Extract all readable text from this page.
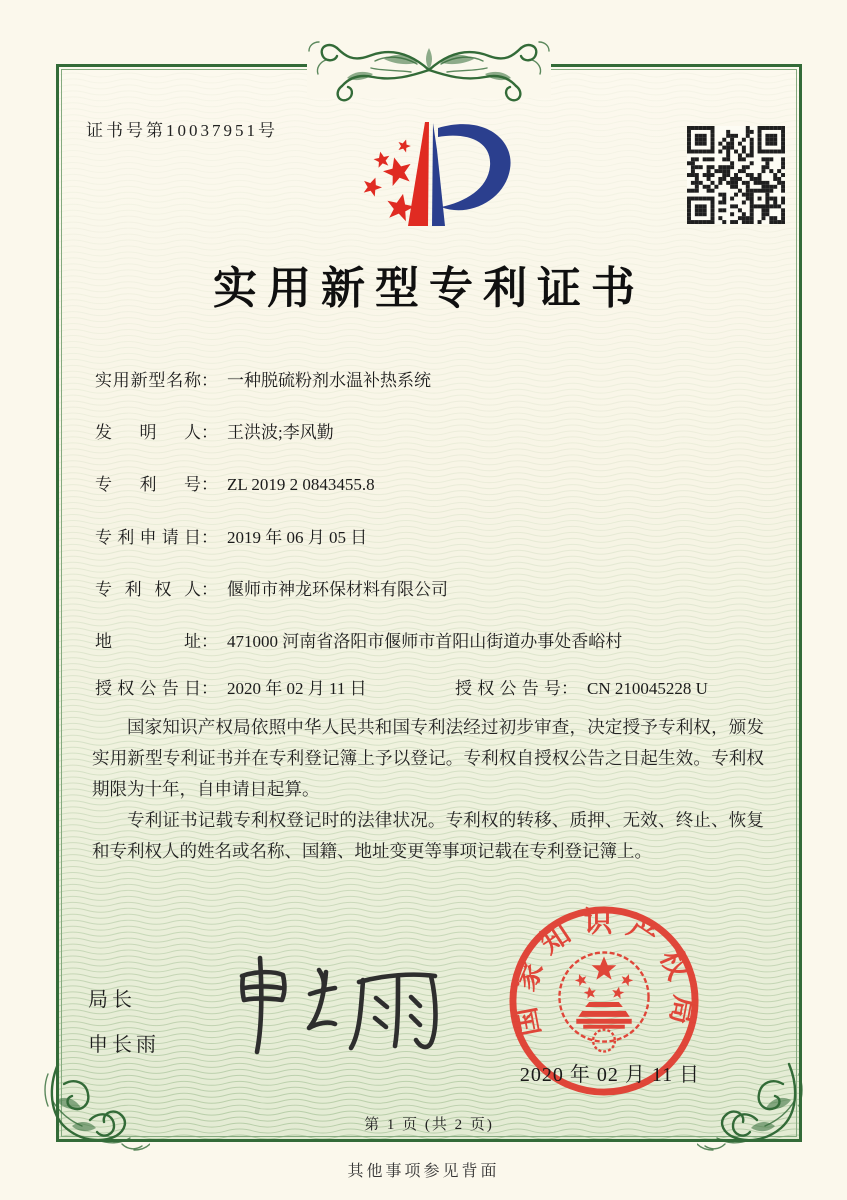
证书号第10037951号
实用新型专利证书
实用新型名称： 一种脱硫粉剂水温补热系统
发明人： 王洪波;李风勤
专利号： ZL 2019 2 0843455.8
专利申请日： 2019 年 06 月 05 日
专利权人： 偃师市神龙环保材料有限公司
地址： 471000 河南省洛阳市偃师市首阳山街道办事处香峪村
授权公告日： 2020 年 02 月 11 日	授权公告号： CN 210045228 U

国家知识产权局依照中华人民共和国专利法经过初步审查，决定授予专利权，颁发实用新型专利证书并在专利登记簿上予以登记。专利权自授权公告之日起生效。专利权期限为十年，自申请日起算。

专利证书记载专利权登记时的法律状况。专利权的转移、质押、无效、终止、恢复和专利权人的姓名或名称、国籍、地址变更等事项记载在专利登记簿上。

局长
申长雨
国家知识产权局
2020 年 02 月 11 日
第 1 页 (共 2 页)
其他事项参见背面
